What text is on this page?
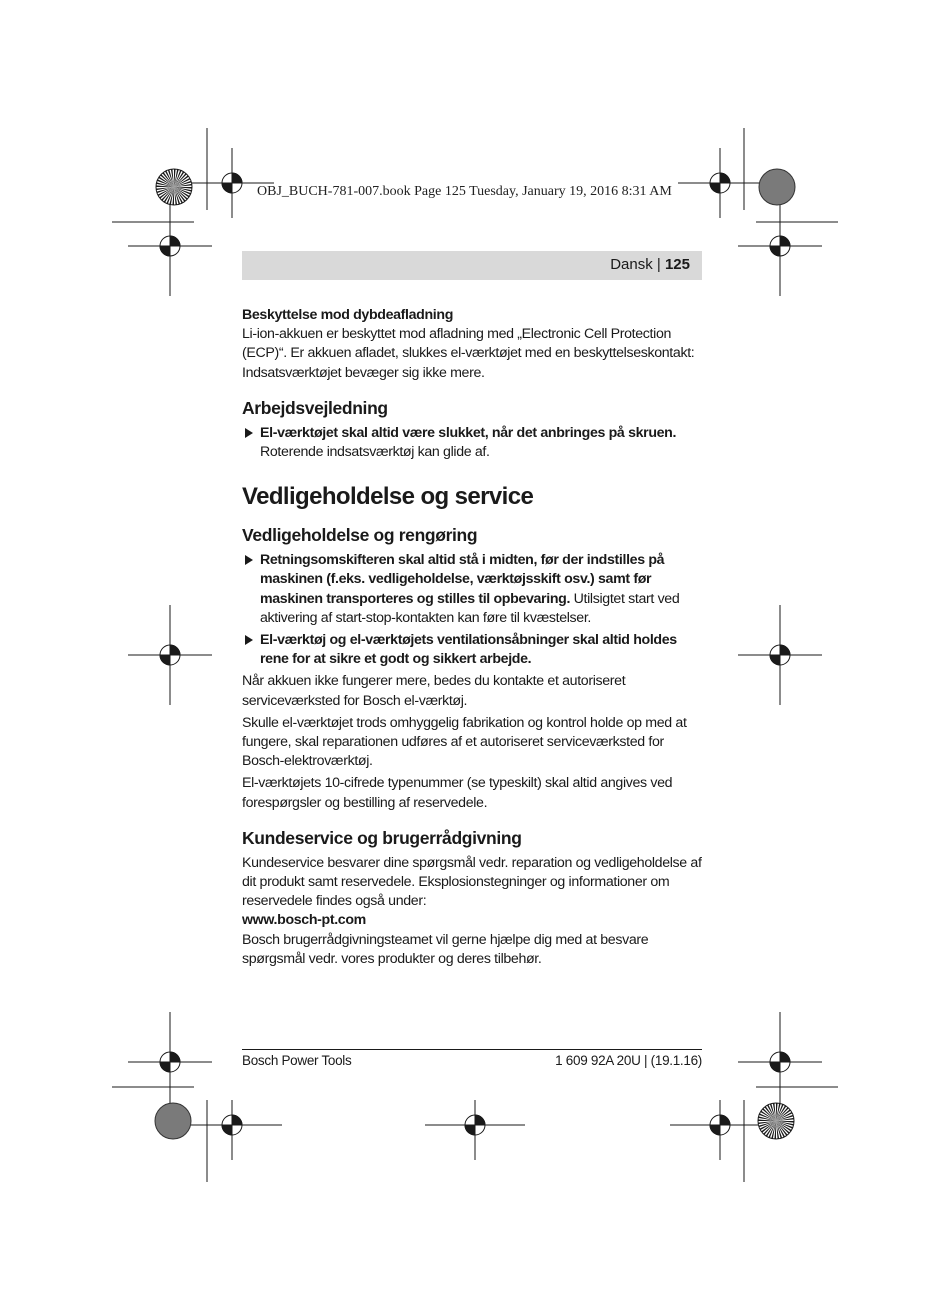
OBJ_BUCH-781-007.book Page 125 Tuesday, January 19, 2016 8:31 AM
Dansk | 125
Beskyttelse mod dybdeafladning

Li-ion-akkuen er beskyttet mod afladning med „Electronic Cell Protection (ECP)“. Er akkuen afladet, slukkes el-værktøjet med en beskyttelseskontakt: Indsatsværktøjet bevæger sig ikke mere.

Arbejdsvejledning
El-værktøjet skal altid være slukket, når det anbringes på skruen. Roterende indsatsværktøj kan glide af.
Vedligeholdelse og service
Vedligeholdelse og rengøring
Retningsomskifteren skal altid stå i midten, før der indstilles på maskinen (f.eks. vedligeholdelse, værktøjsskift osv.) samt før maskinen transporteres og stilles til opbevaring. Utilsigtet start ved aktivering af start-stop-kontakten kan føre til kvæstelser.
El-værktøj og el-værktøjets ventilationsåbninger skal altid holdes rene for at sikre et godt og sikkert arbejde.

Når akkuen ikke fungerer mere, bedes du kontakte et autoriseret serviceværksted for Bosch el-værktøj.

Skulle el-værktøjet trods omhyggelig fabrikation og kontrol holde op med at fungere, skal reparationen udføres af et autoriseret serviceværksted for Bosch-elektroværktøj.

El-værktøjets 10-cifrede typenummer (se typeskilt) skal altid angives ved forespørgsler og bestilling af reservedele.

Kundeservice og brugerrådgivning

Kundeservice besvarer dine spørgsmål vedr. reparation og vedligeholdelse af dit produkt samt reservedele. Eksplosionstegninger og informationer om reservedele findes også under:

www.bosch-pt.com

Bosch brugerrådgivningsteamet vil gerne hjælpe dig med at besvare spørgsmål vedr. vores produkter og deres tilbehør.

Bosch Power Tools	1 609 92A 20U | (19.1.16)
